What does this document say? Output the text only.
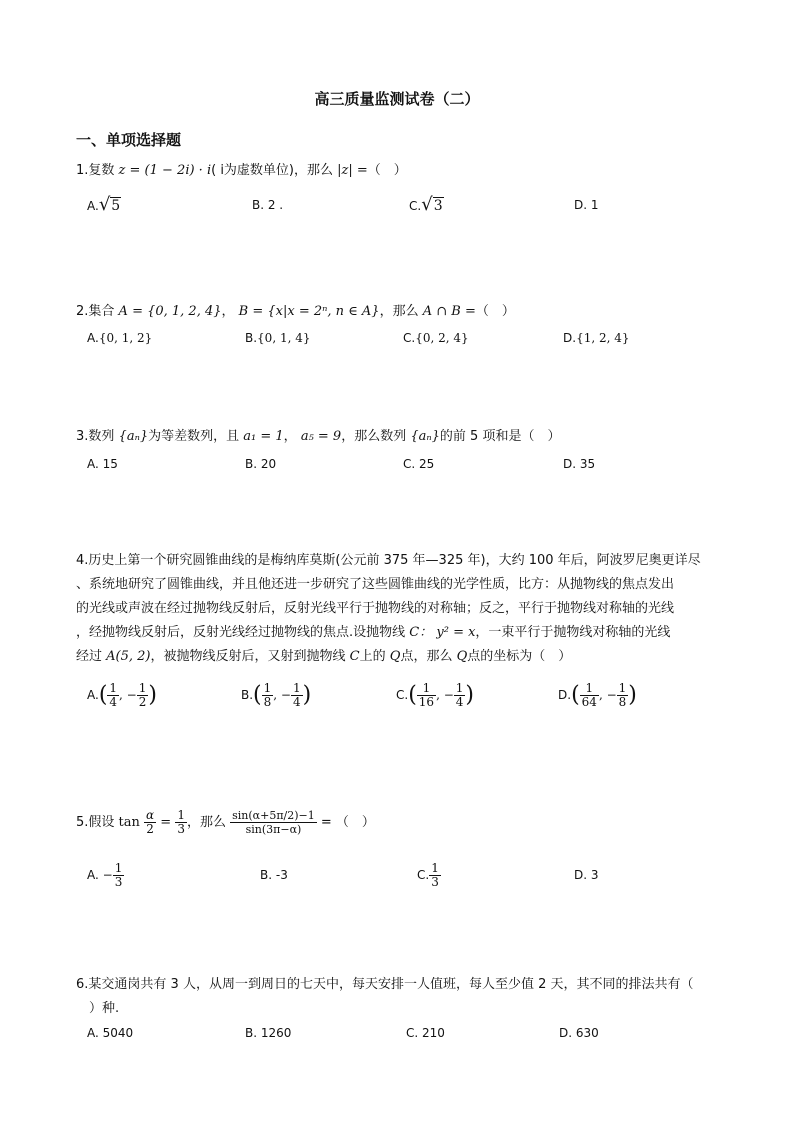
高三质量监测试卷（二）
一、单项选择题
1.复数 z = (1 − 2i) · i( i为虚数单位)，那么 |z| =（　）
A.√5	B. 2 .	C.√3	D. 1
2.集合 A = {0, 1, 2, 4}， B = {x|x = 2ⁿ, n ∈ A}，那么 A ∩ B =（　）
A.{0, 1, 2}	B.{0, 1, 4}	C.{0, 2, 4}	D.{1, 2, 4}
3.数列 {aₙ}为等差数列，且 a₁ = 1， a₅ = 9，那么数列 {aₙ}的前 5 项和是（　）
A. 15	B. 20	C. 25	D. 35
4.历史上第一个研究圆锥曲线的是梅纳库莫斯(公元前 375 年—325 年)，大约 100 年后，阿波罗尼奥更详尽
、系统地研究了圆锥曲线，并且他还进一步研究了这些圆锥曲线的光学性质，比方：从抛物线的焦点发出
的光线或声波在经过抛物线反射后，反射光线平行于抛物线的对称轴；反之，平行于抛物线对称轴的光线
，经抛物线反射后，反射光线经过抛物线的焦点.设抛物线 C： y² = x，一束平行于抛物线对称轴的光线
经过 A(5, 2)，被抛物线反射后，又射到抛物线 C上的 Q点，那么 Q点的坐标为（　）
$A.( \frac{1}{4}$ , − $\frac{1}{2}$ )	$B.( \frac{1}{8}$ , − $\frac{1}{4}$ )	$C.( \frac{1}{16}$ , − $\frac{1}{4}$ )	$D.( \frac{1}{64}$ , − $\frac{1}{8}$ )
5.假设 $\tan \frac{\alpha}{2} = \frac{1}{3}$ ，那么 $\frac{\sin(\alpha+5\pi/2)-1}{\sin(3\pi-\alpha)}$ = （　）
A. − $\frac{1}{3}$	B. -3	C. $\frac{1}{3}$	D. 3
6.某交通岗共有 3 人，从周一到周日的七天中，每天安排一人值班，每人至少值 2 天，其不同的排法共有（
　）种.
A. 5040	B. 1260	C. 210	D. 630
